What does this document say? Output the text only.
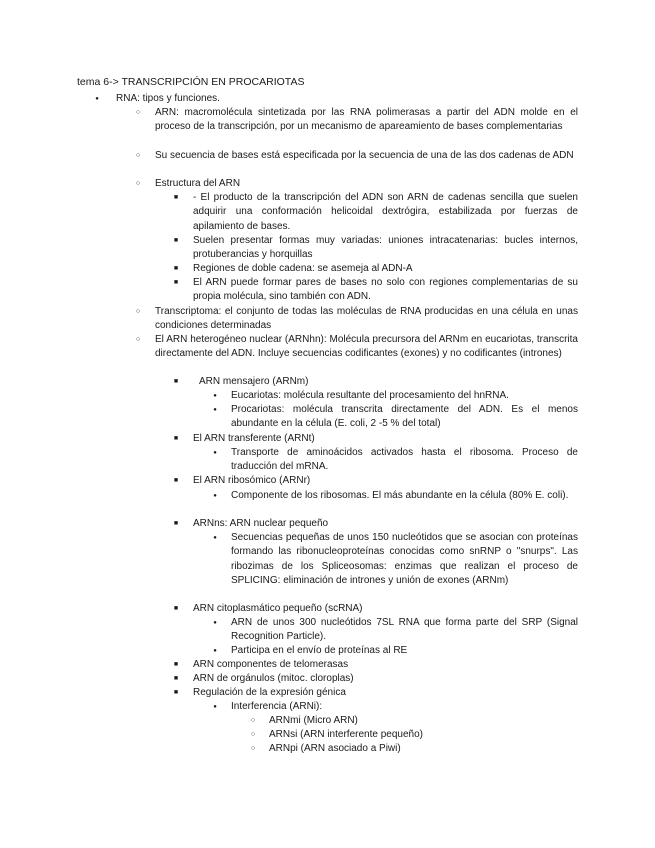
tema 6-> TRANSCRIPCIÓN EN PROCARIOTAS
●
RNA: tipos y funciones.
○
ARN: macromolécula sintetizada por las RNA polimerasas a partir del ADN molde en el proceso de la transcripción, por un mecanismo de apareamiento de bases complementarias
○
Su secuencia de bases está especificada por la secuencia de una de las dos cadenas de ADN
○
Estructura del ARN
■
- El producto de la transcripción del ADN son ARN de cadenas sencilla que suelen adquirir una conformación helicoidal dextrógira, estabilizada por fuerzas de apilamiento de bases.
■
Suelen presentar formas muy variadas: uniones intracatenarias: bucles internos, protuberancias y horquillas
■
Regiones de doble cadena: se asemeja al ADN-A
■
El ARN puede formar pares de bases no solo con regiones complementarias de su propia molécula, sino también con ADN.
○
Transcriptoma: el conjunto de todas las moléculas de RNA producidas en una célula en unas condiciones determinadas
○
El ARN heterogéneo nuclear (ARNhn): Molécula precursora del ARNm en eucariotas, transcrita directamente del ADN. Incluye secuencias codificantes (exones) y no codificantes (intrones)
■
ARN mensajero (ARNm)
●
Eucariotas: molécula resultante del procesamiento del hnRNA.
●
Procariotas: molécula transcrita directamente del ADN. Es el menos abundante en la célula (E. coli, 2 -5 % del total)
■
El ARN transferente (ARNt)
●
Transporte de aminoácidos activados hasta el ribosoma. Proceso de traducción del mRNA.
■
El ARN ribosómico (ARNr)
●
Componente de los ribosomas. El más abundante en la célula (80% E. coli).
■
ARNns: ARN nuclear pequeño
●
Secuencias pequeñas de unos 150 nucleótidos que se asocian con proteínas formando las ribonucleoproteínas conocidas como snRNP o "snurps". Las ribozimas de los Spliceosomas: enzimas que realizan el proceso de SPLICING: eliminación de intrones y unión de exones (ARNm)
■
ARN citoplasmático pequeño (scRNA)
●
ARN de unos 300 nucleótidos 7SL RNA que forma parte del SRP (Signal Recognition Particle).
●
Participa en el envío de proteínas al RE
■
ARN componentes de telomerasas
■
ARN de orgánulos (mitoc. cloroplas)
■
Regulación de la expresión génica
●
Interferencia (ARNi):
○
ARNmi (Micro ARN)
○
ARNsi (ARN interferente pequeño)
○
ARNpi (ARN asociado a Piwi)
